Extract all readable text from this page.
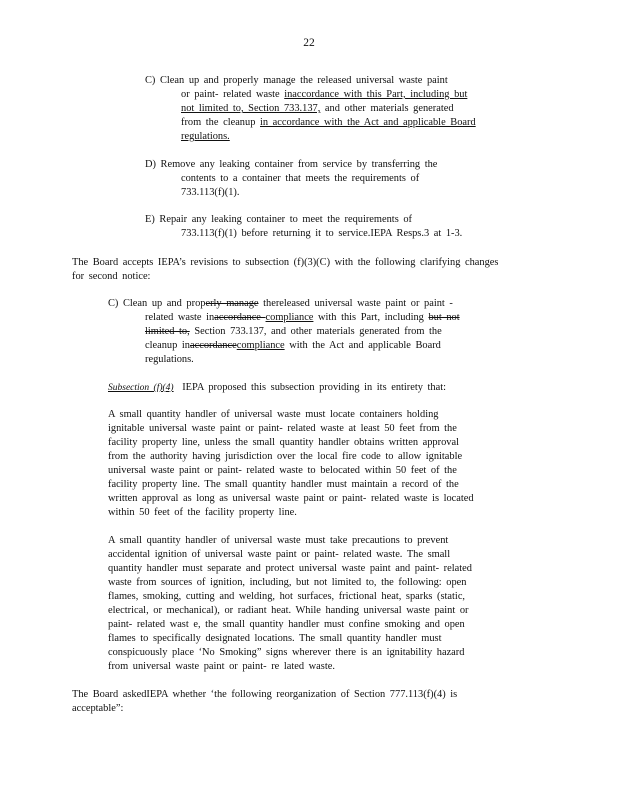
22
C) Clean up and properly manage the released universal waste paint
or paint- related waste inaccordance with this Part, including but
not limited to, Section 733.137, and other materials generated
from the cleanup in accordance with the Act and applicable Board
regulations.
D) Remove any leaking container from service by transferring the
contents to a container that meets the requirements of
733.113(f)(1).
E) Repair any leaking container to meet the requirements of
733.113(f)(1) before returning it to service.IEPA Resps.3 at 1-3.
The Board accepts IEPA’s revisions to subsection (f)(3)(C) with the following clarifying changes
for second notice:
C) Clean up and properly manage thereleased universal waste paint or paint -
related waste inaccordance compliance with this Part, including but not
limited to, Section 733.137, and other materials generated from the
cleanup inaccordancecompliance with the Act and applicable Board
regulations.
Subsection (f)(4) IEPA proposed this subsection providing in its entirety that:
A small quantity handler of universal waste must locate containers holding
ignitable universal waste paint or paint- related waste at least 50 feet from the
facility property line, unless the small quantity handler obtains written approval
from the authority having jurisdiction over the local fire code to allow ignitable
universal waste paint or paint- related waste to belocated within 50 feet of the
facility property line. The small quantity handler must maintain a record of the
written approval as long as universal waste paint or paint- related waste is located
within 50 feet of the facility property line.
A small quantity handler of universal waste must take precautions to prevent
accidental ignition of universal waste paint or paint- related waste. The small
quantity handler must separate and protect universal waste paint and paint- related
waste from sources of ignition, including, but not limited to, the following: open
flames, smoking, cutting and welding, hot surfaces, frictional heat, sparks (static,
electrical, or mechanical), or radiant heat. While handing universal waste paint or
paint- related wast e, the small quantity handler must confine smoking and open
flames to specifically designated locations. The small quantity handler must
conspicuously place ‘No Smoking” signs wherever there is an ignitability hazard
from universal waste paint or paint- re lated waste.
The Board askedIEPA whether ‘the following reorganization of Section 777.113(f)(4) is
acceptable”:
